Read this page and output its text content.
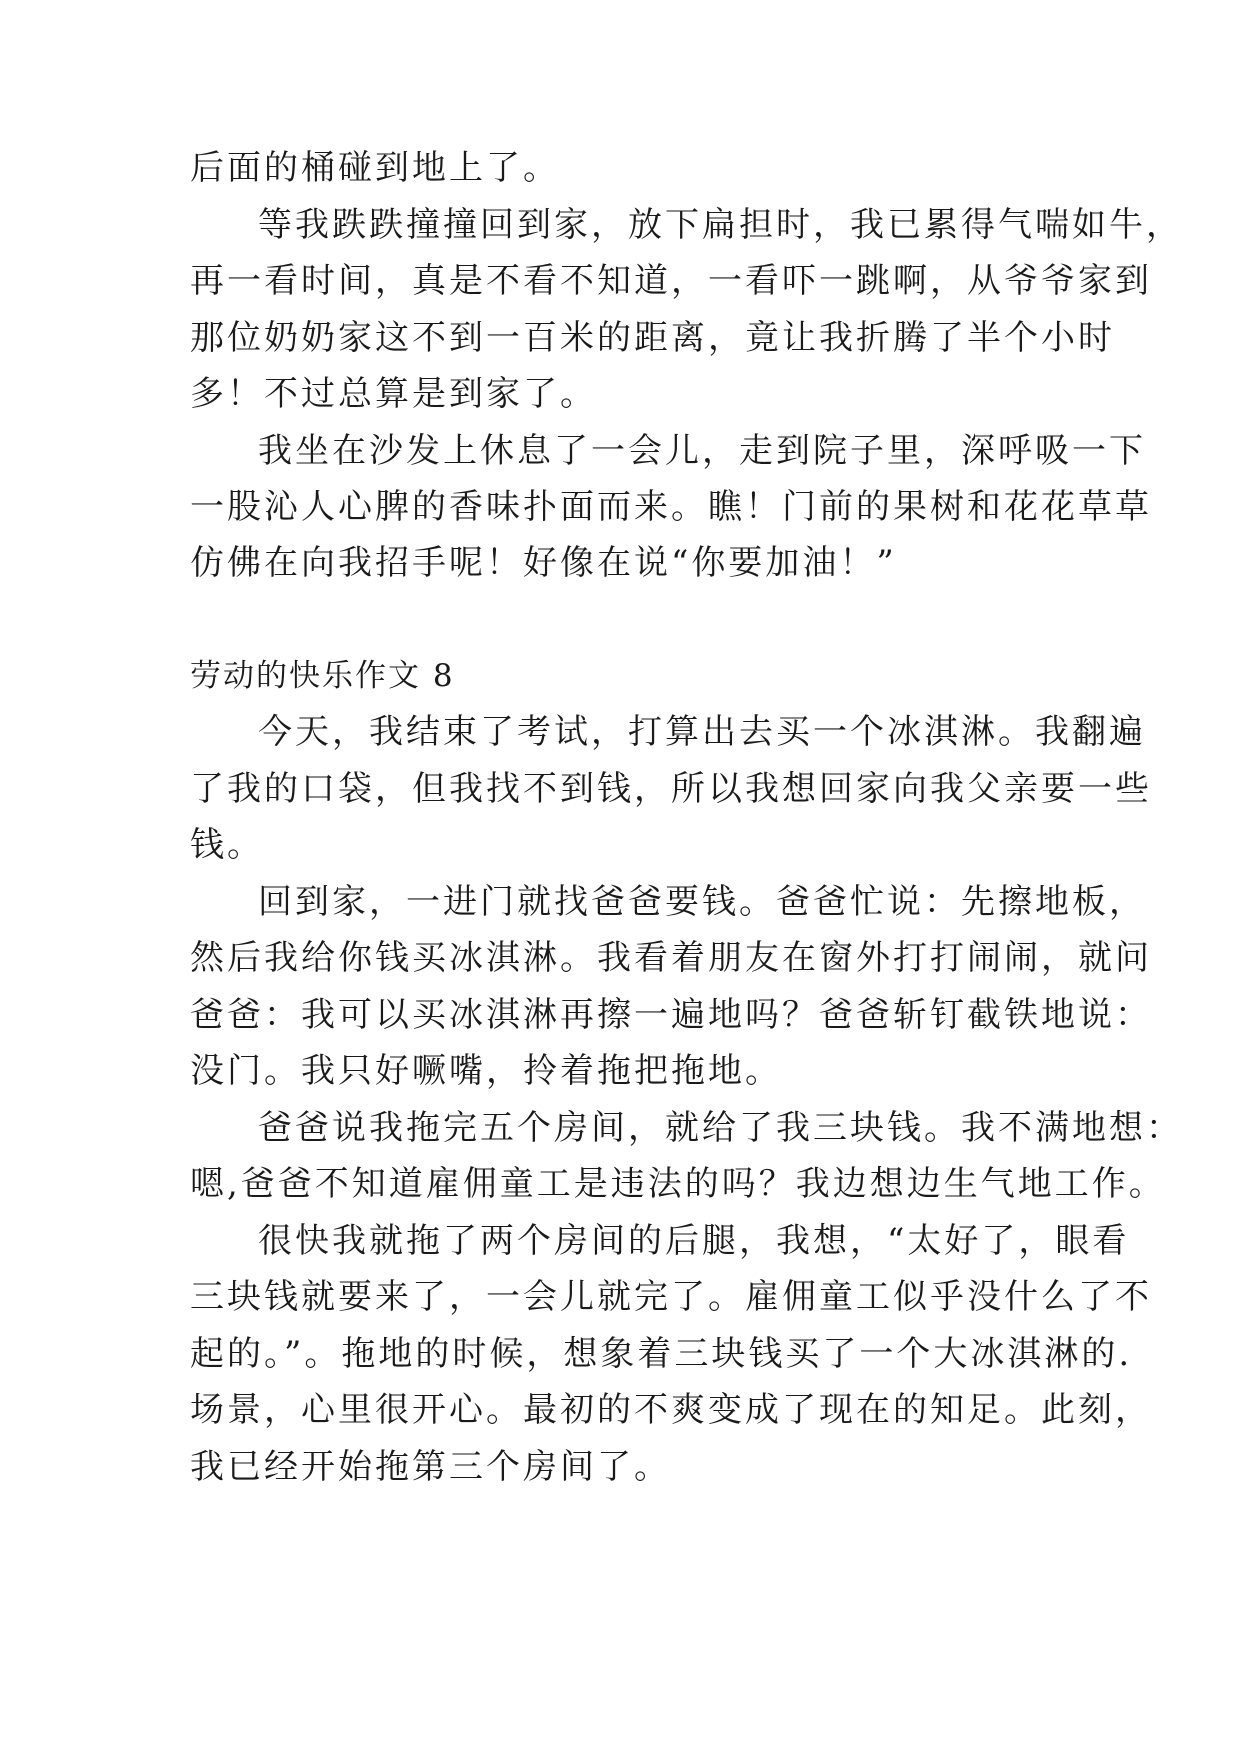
后面的桶碰到地上了。
等我跌跌撞撞回到家，放下扁担时，我已累得气喘如牛，
再一看时间，真是不看不知道，一看吓一跳啊，从爷爷家到
那位奶奶家这不到一百米的距离，竟让我折腾了半个小时
多！不过总算是到家了。
我坐在沙发上休息了一会儿，走到院子里，深呼吸一下
一股沁人心脾的香味扑面而来。瞧！门前的果树和花花草草
仿佛在向我招手呢！好像在说“你要加油！”
劳动的快乐作文 8
今天，我结束了考试，打算出去买一个冰淇淋。我翻遍
了我的口袋，但我找不到钱，所以我想回家向我父亲要一些
钱。
回到家，一进门就找爸爸要钱。爸爸忙说：先擦地板，
然后我给你钱买冰淇淋。我看着朋友在窗外打打闹闹，就问
爸爸：我可以买冰淇淋再擦一遍地吗？爸爸斩钉截铁地说：
没门。我只好噘嘴，拎着拖把拖地。
爸爸说我拖完五个房间，就给了我三块钱。我不满地想：
嗯,爸爸不知道雇佣童工是违法的吗？我边想边生气地工作。
很快我就拖了两个房间的后腿，我想，“太好了，眼看
三块钱就要来了，一会儿就完了。雇佣童工似乎没什么了不
起的。”。拖地的时候，想象着三块钱买了一个大冰淇淋的.
场景，心里很开心。最初的不爽变成了现在的知足。此刻，
我已经开始拖第三个房间了。
